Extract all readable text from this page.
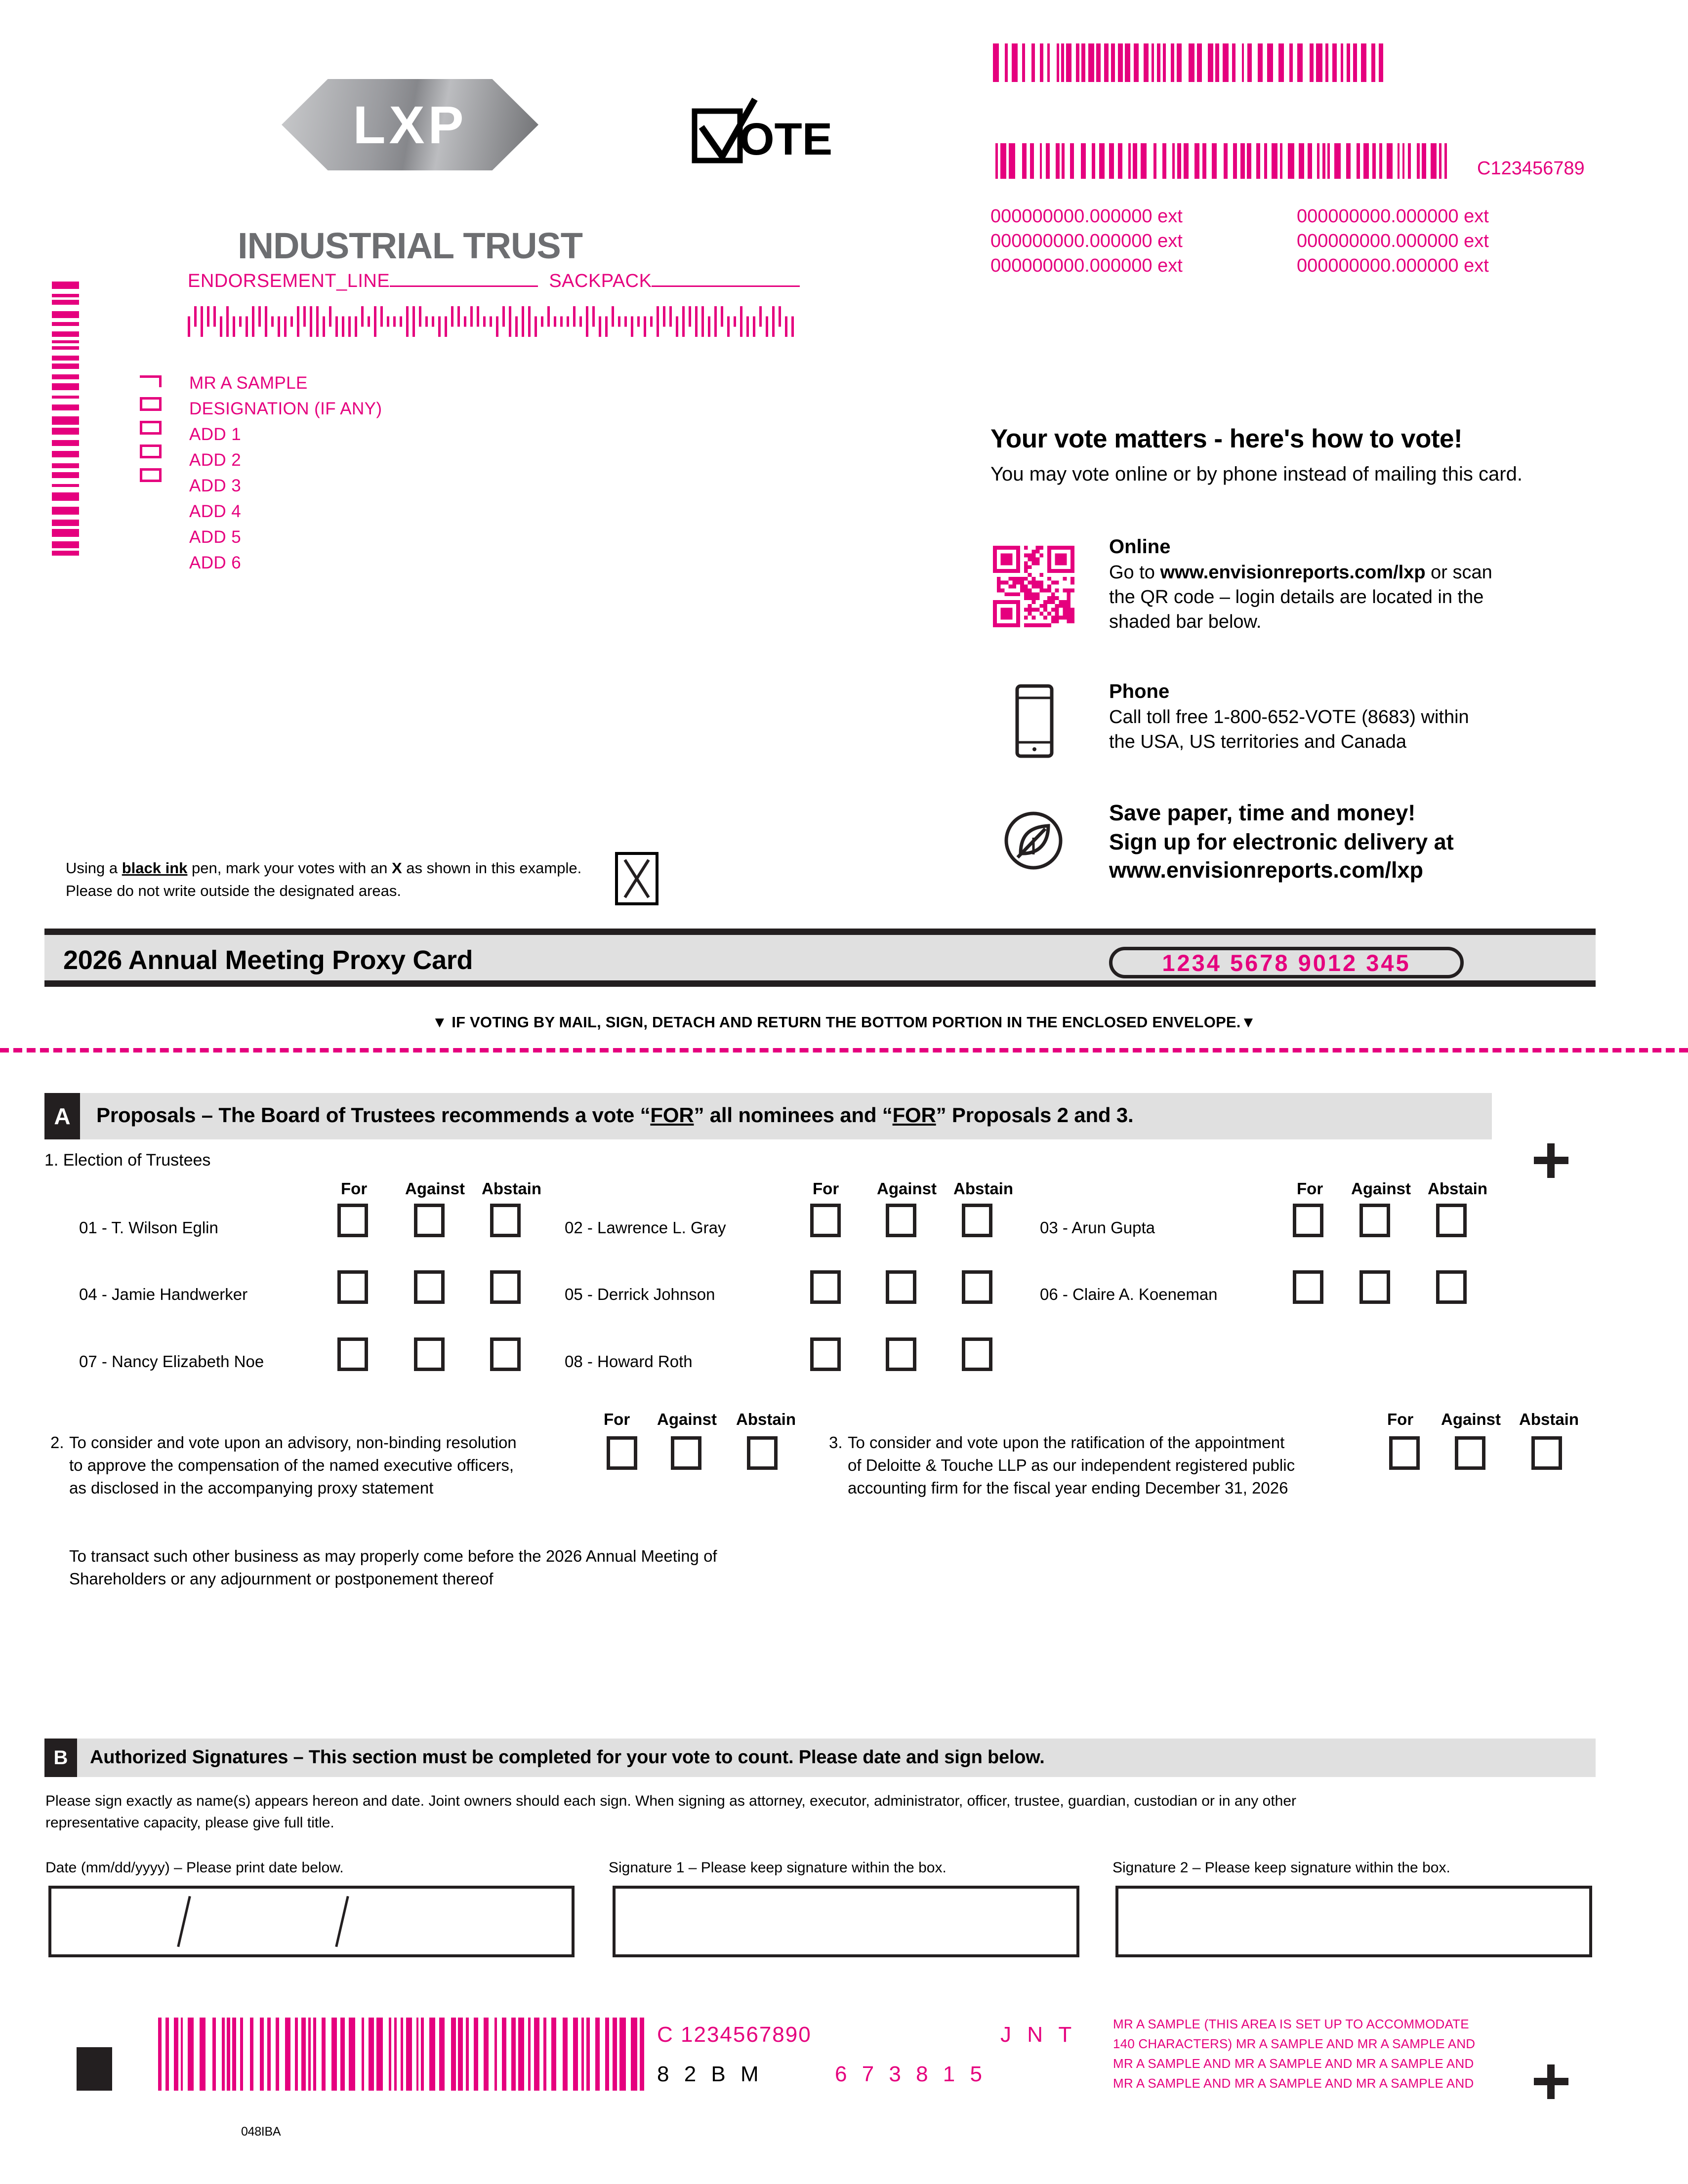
LXP
INDUSTRIAL TRUST
OTE
ENDORSEMENT_LINE	SACKPACK
MR A SAMPLE
DESIGNATION (IF ANY)
ADD 1
ADD 2
ADD 3
ADD 4
ADD 5
ADD 6
C123456789
000000000.000000 ext
000000000.000000 ext
000000000.000000 ext
000000000.000000 ext
000000000.000000 ext
000000000.000000 ext
Your vote matters - here's how to vote!
You may vote online or by phone instead of mailing this card.
Online
Go to www.envisionreports.com/lxp or scan
the QR code – login details are located in the
shaded bar below.
Phone
Call toll free 1-800-652-VOTE (8683) within
the USA, US territories and Canada
Save paper, time and money!
Sign up for electronic delivery at
www.envisionreports.com/lxp
Using a black ink pen, mark your votes with an X as shown in this example.
Please do not write outside the designated areas.
2026 Annual Meeting Proxy Card	1234 5678 9012 345
▼ IF VOTING BY MAIL, SIGN, DETACH AND RETURN THE BOTTOM PORTION IN THE ENCLOSED ENVELOPE.▼
A	Proposals – The Board of Trustees recommends a vote “FOR” all nominees and “FOR” Proposals 2 and 3.
1. Election of Trustees
For Against Abstain	For Against Abstain	For Against Abstain
01 - T. Wilson Eglin	02 - Lawrence L. Gray	03 - Arun Gupta
04 - Jamie Handwerker	05 - Derrick Johnson	06 - Claire A. Koeneman
07 - Nancy Elizabeth Noe	08 - Howard Roth
For Against Abstain
2. To consider and vote upon an advisory, non-binding resolution
to approve the compensation of the named executive officers,
as disclosed in the accompanying proxy statement
For Against Abstain
3. To consider and vote upon the ratification of the appointment
of Deloitte & Touche LLP as our independent registered public
accounting firm for the fiscal year ending December 31, 2026
To transact such other business as may properly come before the 2026 Annual Meeting of
Shareholders or any adjournment or postponement thereof
B	Authorized Signatures – This section must be completed for your vote to count. Please date and sign below.
Please sign exactly as name(s) appears hereon and date. Joint owners should each sign. When signing as attorney, executor, administrator, officer, trustee, guardian, custodian or in any other
representative capacity, please give full title.
Date (mm/dd/yyyy) – Please print date below.	Signature 1 – Please keep signature within the box.	Signature 2 – Please keep signature within the box.
048IBA
C 1234567890	J N T
8 2 B M	6 7 3 8 1 5
MR A SAMPLE (THIS AREA IS SET UP TO ACCOMMODATE
140 CHARACTERS) MR A SAMPLE AND MR A SAMPLE AND
MR A SAMPLE AND MR A SAMPLE AND MR A SAMPLE AND
MR A SAMPLE AND MR A SAMPLE AND MR A SAMPLE AND
